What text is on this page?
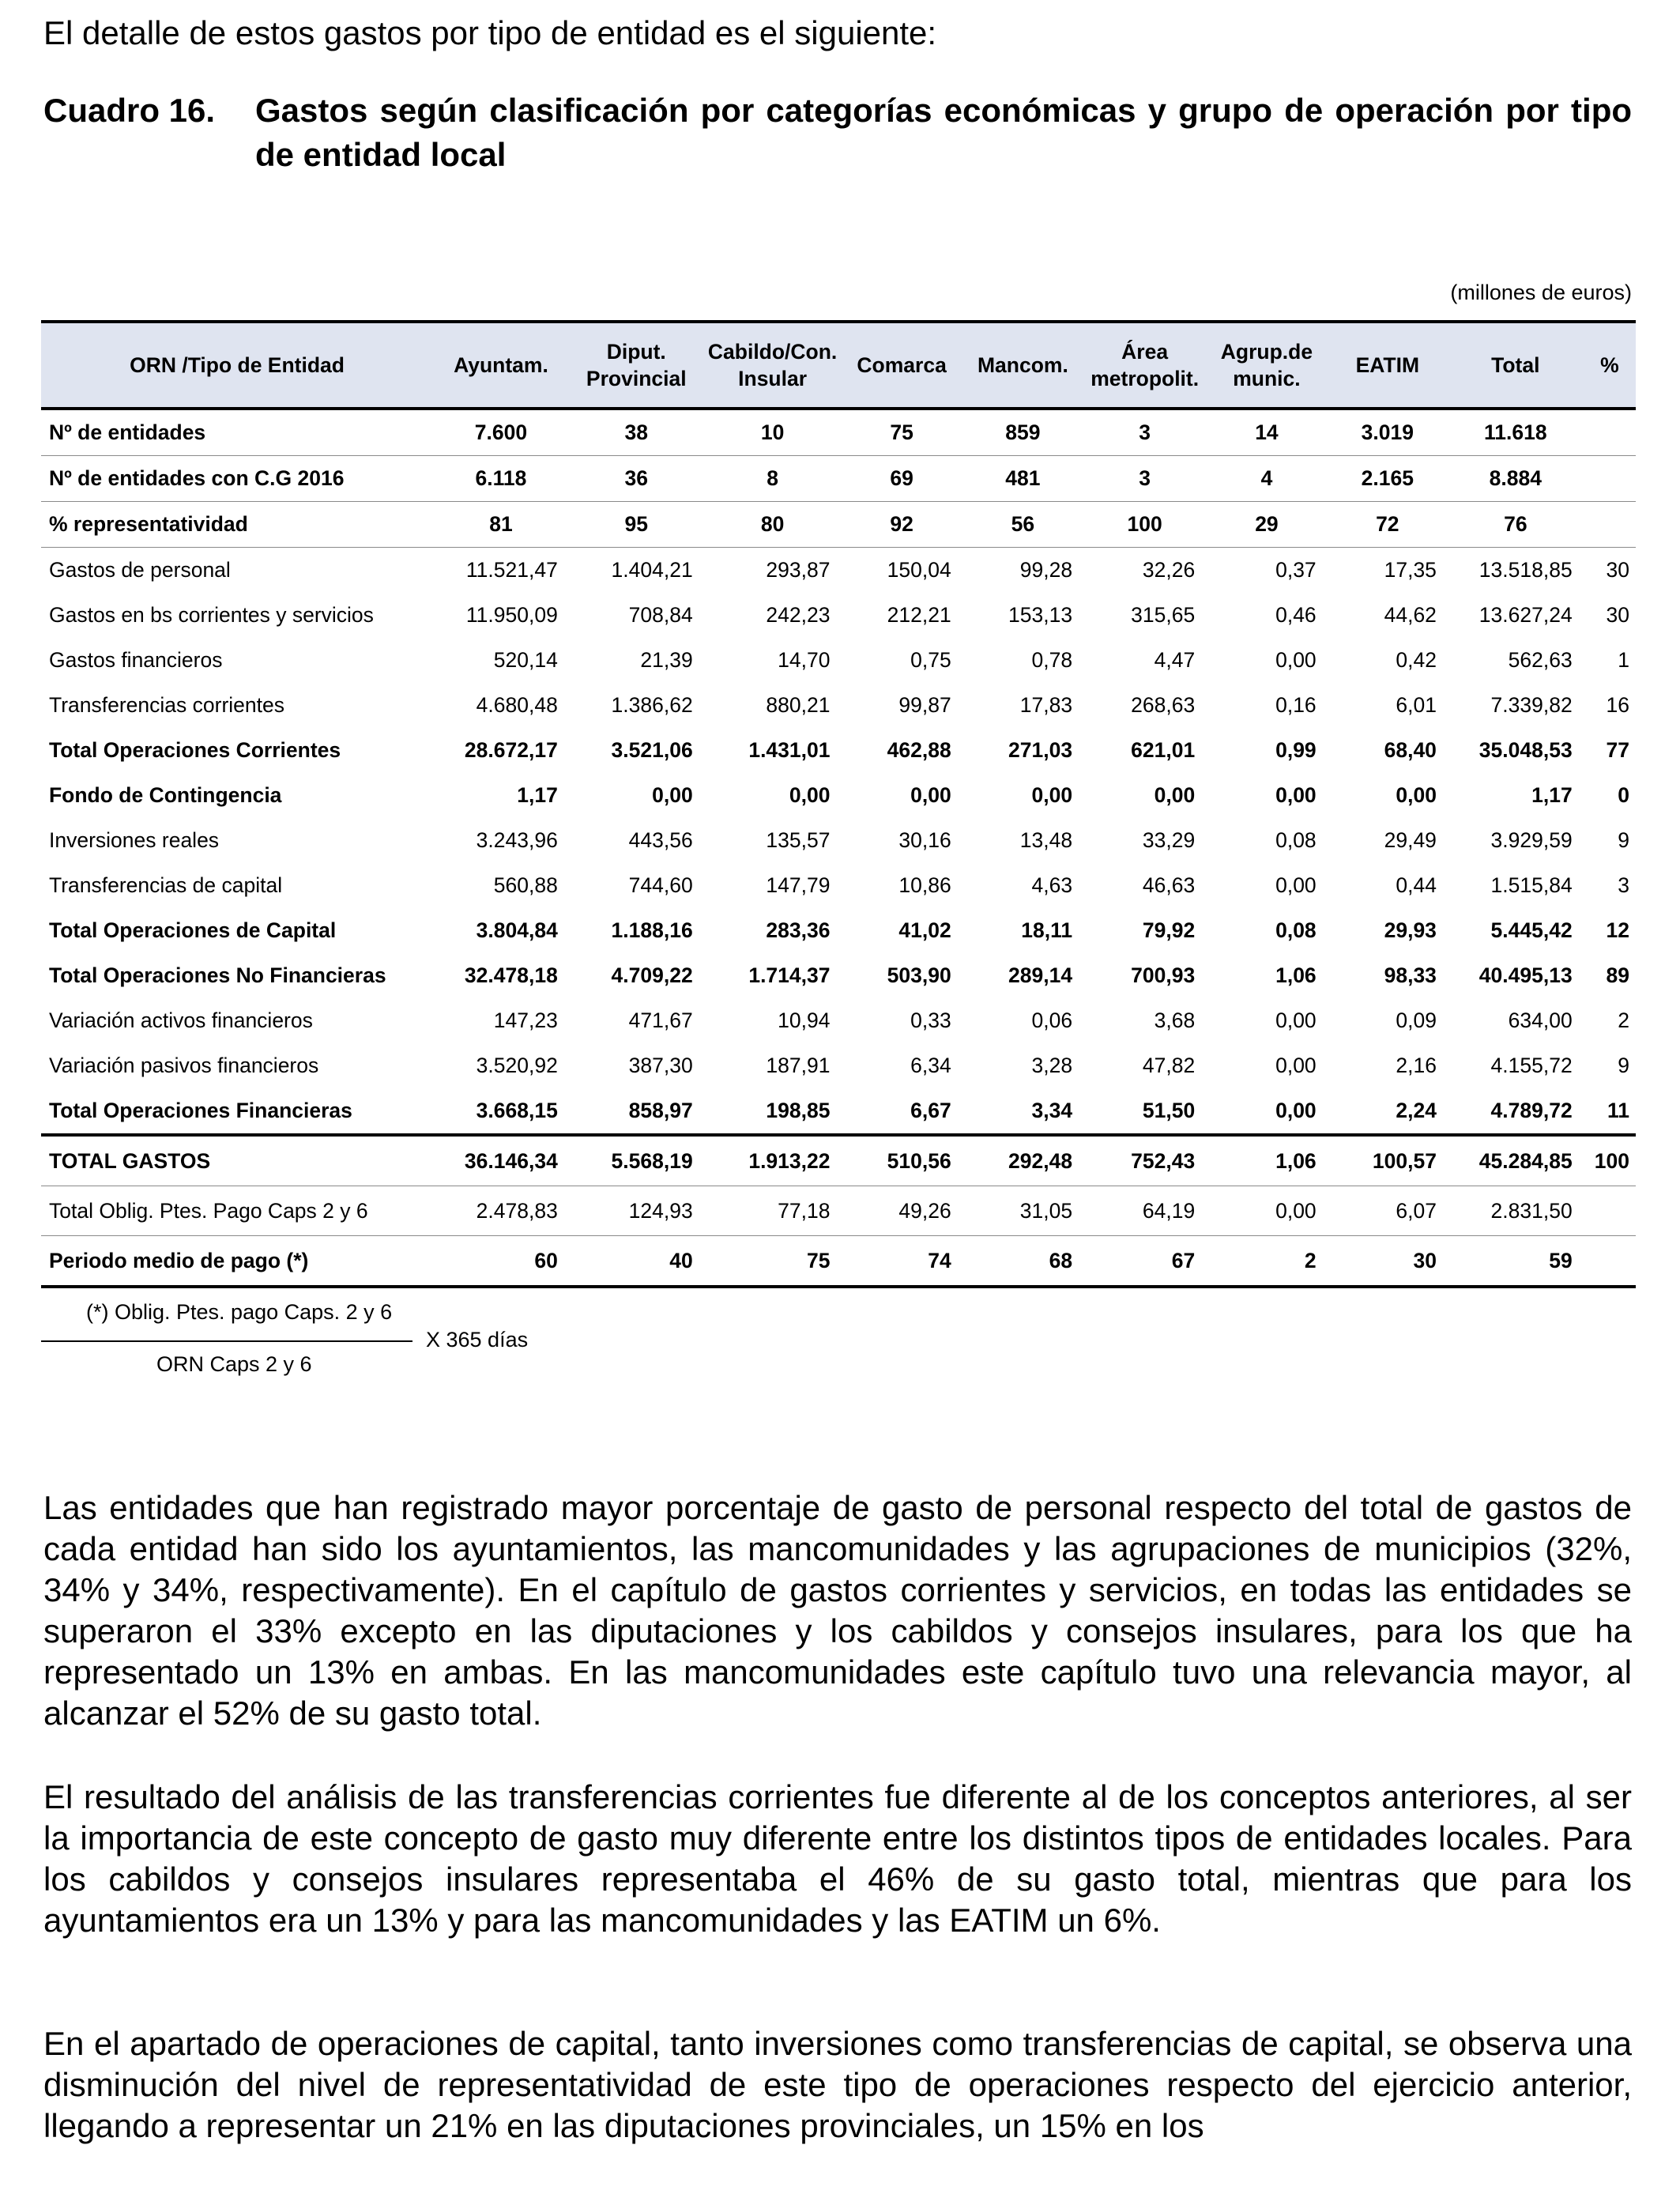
El detalle de estos gastos por tipo de entidad es el siguiente:

Cuadro 16.	Gastos según clasificación por categorías económicas y grupo de operación por tipo de entidad local
(millones de euros)
ORN /Tipo de Entidad	Ayuntam.	Diput. Provincial	Cabildo/Con. Insular	Comarca	Mancom.	Área metropolit.	Agrup.de munic.	EATIM	Total	%
Nº de entidades	7.600	38	10	75	859	3	14	3.019	11.618	
Nº de entidades con C.G 2016	6.118	36	8	69	481	3	4	2.165	8.884	
% representatividad	81	95	80	92	56	100	29	72	76	
Gastos de personal	11.521,47	1.404,21	293,87	150,04	99,28	32,26	0,37	17,35	13.518,85	30
Gastos en bs corrientes y servicios	11.950,09	708,84	242,23	212,21	153,13	315,65	0,46	44,62	13.627,24	30
Gastos financieros	520,14	21,39	14,70	0,75	0,78	4,47	0,00	0,42	562,63	1
Transferencias corrientes	4.680,48	1.386,62	880,21	99,87	17,83	268,63	0,16	6,01	7.339,82	16
Total Operaciones Corrientes	28.672,17	3.521,06	1.431,01	462,88	271,03	621,01	0,99	68,40	35.048,53	77
Fondo de Contingencia	1,17	0,00	0,00	0,00	0,00	0,00	0,00	0,00	1,17	0
Inversiones reales	3.243,96	443,56	135,57	30,16	13,48	33,29	0,08	29,49	3.929,59	9
Transferencias de capital	560,88	744,60	147,79	10,86	4,63	46,63	0,00	0,44	1.515,84	3
Total Operaciones de Capital	3.804,84	1.188,16	283,36	41,02	18,11	79,92	0,08	29,93	5.445,42	12
Total Operaciones No Financieras	32.478,18	4.709,22	1.714,37	503,90	289,14	700,93	1,06	98,33	40.495,13	89
Variación activos financieros	147,23	471,67	10,94	0,33	0,06	3,68	0,00	0,09	634,00	2
Variación pasivos financieros	3.520,92	387,30	187,91	6,34	3,28	47,82	0,00	2,16	4.155,72	9
Total Operaciones Financieras	3.668,15	858,97	198,85	6,67	3,34	51,50	0,00	2,24	4.789,72	11
TOTAL GASTOS	36.146,34	5.568,19	1.913,22	510,56	292,48	752,43	1,06	100,57	45.284,85	100
Total Oblig. Ptes. Pago Caps 2 y 6	2.478,83	124,93	77,18	49,26	31,05	64,19	0,00	6,07	2.831,50	
Periodo medio de pago (*)	60	40	75	74	68	67	2	30	59	
(*) Oblig. Ptes. pago Caps. 2 y 6
ORN Caps 2 y 6
X 365 días

Las entidades que han registrado mayor porcentaje de gasto de personal respecto del total de gastos de cada entidad han sido los ayuntamientos, las mancomunidades y las agrupaciones de municipios (32%, 34% y 34%, respectivamente). En el capítulo de gastos corrientes y servicios, en todas las entidades se superaron el 33% excepto en las diputaciones y los cabildos y consejos insulares, para los que ha representado un 13% en ambas. En las mancomunidades este capítulo tuvo una relevancia mayor, al alcanzar el 52% de su gasto total.

El resultado del análisis de las transferencias corrientes fue diferente al de los conceptos anteriores, al ser la importancia de este concepto de gasto muy diferente entre los distintos tipos de entidades locales. Para los cabildos y consejos insulares representaba el 46% de su gasto total, mientras que para los ayuntamientos era un 13% y para las mancomunidades y las EATIM un 6%.

En el apartado de operaciones de capital, tanto inversiones como transferencias de capital, se observa una disminución del nivel de representatividad de este tipo de operaciones respecto del ejercicio anterior, llegando a representar un 21% en las diputaciones provinciales, un 15% en los
